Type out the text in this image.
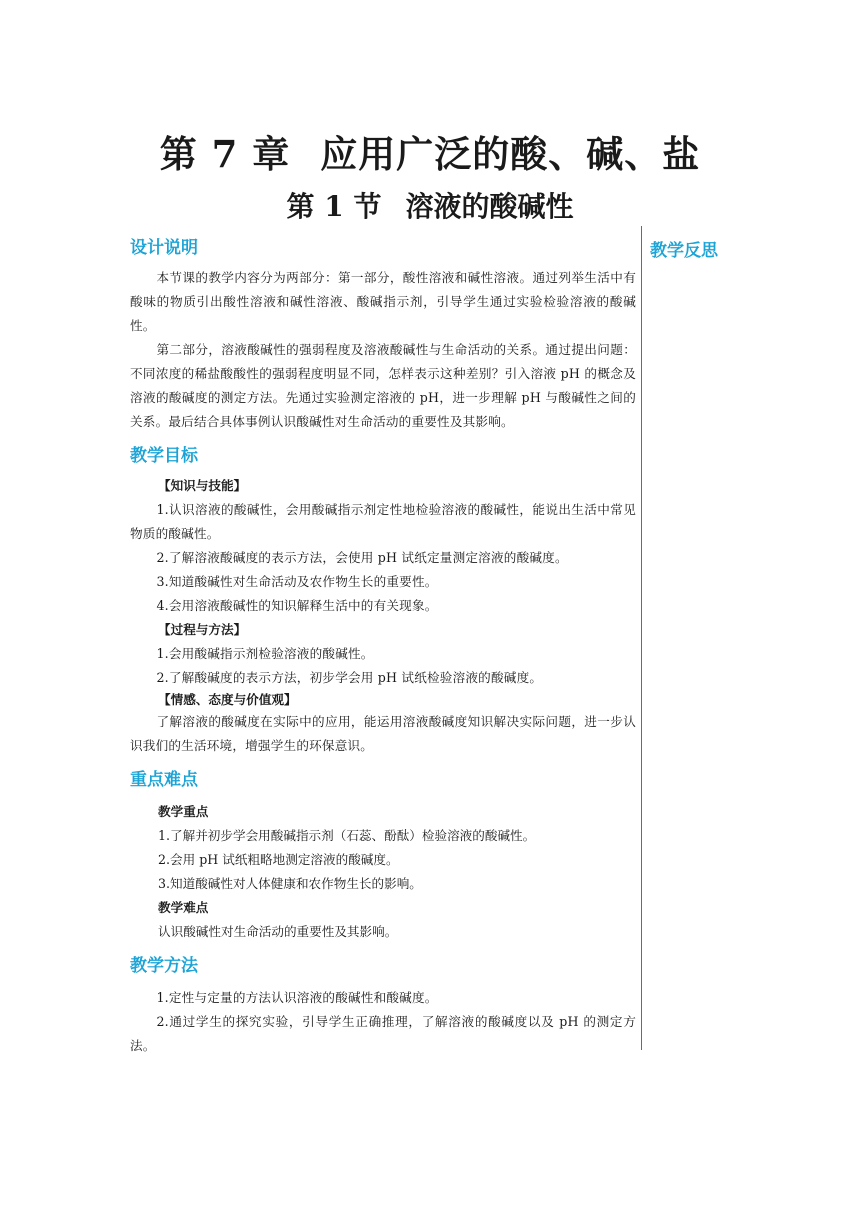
第 7 章 应用广泛的酸、碱、盐
第 1 节 溶液的酸碱性
教学反思

设计说明

本节课的教学内容分为两部分：第一部分，酸性溶液和碱性溶液。通过列举生活中有酸味的物质引出酸性溶液和碱性溶液、酸碱指示剂，引导学生通过实验检验溶液的酸碱性。

第二部分，溶液酸碱性的强弱程度及溶液酸碱性与生命活动的关系。通过提出问题：不同浓度的稀盐酸酸性的强弱程度明显不同，怎样表示这种差别？引入溶液 pH 的概念及溶液的酸碱度的测定方法。先通过实验测定溶液的 pH，进一步理解 pH 与酸碱性之间的关系。最后结合具体事例认识酸碱性对生命活动的重要性及其影响。

教学目标

【知识与技能】

1.认识溶液的酸碱性，会用酸碱指示剂定性地检验溶液的酸碱性，能说出生活中常见物质的酸碱性。

2.了解溶液酸碱度的表示方法，会使用 pH 试纸定量测定溶液的酸碱度。

3.知道酸碱性对生命活动及农作物生长的重要性。

4.会用溶液酸碱性的知识解释生活中的有关现象。

【过程与方法】

1.会用酸碱指示剂检验溶液的酸碱性。

2.了解酸碱度的表示方法，初步学会用 pH 试纸检验溶液的酸碱度。

【情感、态度与价值观】

了解溶液的酸碱度在实际中的应用，能运用溶液酸碱度知识解决实际问题，进一步认识我们的生活环境，增强学生的环保意识。

重点难点

教学重点

1.了解并初步学会用酸碱指示剂（石蕊、酚酞）检验溶液的酸碱性。

2.会用 pH 试纸粗略地测定溶液的酸碱度。

3.知道酸碱性对人体健康和农作物生长的影响。

教学难点

认识酸碱性对生命活动的重要性及其影响。

教学方法

1.定性与定量的方法认识溶液的酸碱性和酸碱度。

2.通过学生的探究实验，引导学生正确推理，了解溶液的酸碱度以及 pH 的测定方法。
